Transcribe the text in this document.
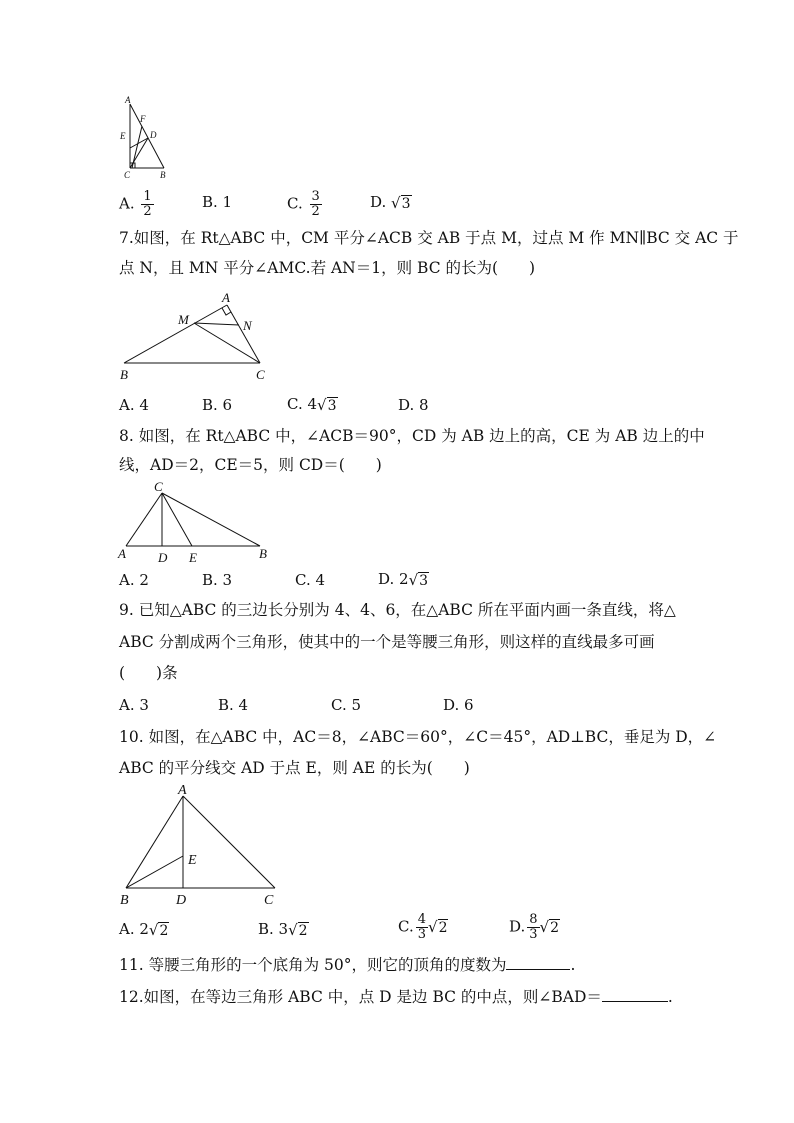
A
E
F
D
C	B
A. $\frac{1}{2}$	B. 1	C. $\frac{3}{2}$	D. √3
7.如图，在 Rt△ABC 中，CM 平分∠ACB 交 AB 于点 M，过点 M 作 MN∥BC 交 AC 于
点 N，且 MN 平分∠AMC.若 AN＝1，则 BC 的长为(　　)
A
M	N
B	C
A. 4	B. 6	C. 4√3	D. 8
8. 如图，在 Rt△ABC 中，∠ACB＝90°，CD 为 AB 边上的高，CE 为 AB 边上的中
线，AD＝2，CE＝5，则 CD＝(　　)
C
A D E	B
A. 2	B. 3	C. 4	D. 2√3
9. 已知△ABC 的三边长分别为 4、4、6，在△ABC 所在平面内画一条直线，将△
ABC 分割成两个三角形，使其中的一个是等腰三角形，则这样的直线最多可画
(　　)条
A. 3	B. 4	C. 5	D. 6
10. 如图，在△ABC 中，AC＝8，∠ABC＝60°，∠C＝45°，AD⊥BC，垂足为 D，∠
ABC 的平分线交 AD 于点 E，则 AE 的长为(　　)
A
E
B	D	C
A. 2√2	B. 3√2	C. $\frac{4}{3} √2$	D. $\frac{8}{3} √2$
11. 等腰三角形的一个底角为 50°，则它的顶角的度数为	.
12.如图，在等边三角形 ABC 中，点 D 是边 BC 的中点，则∠BAD＝	.
